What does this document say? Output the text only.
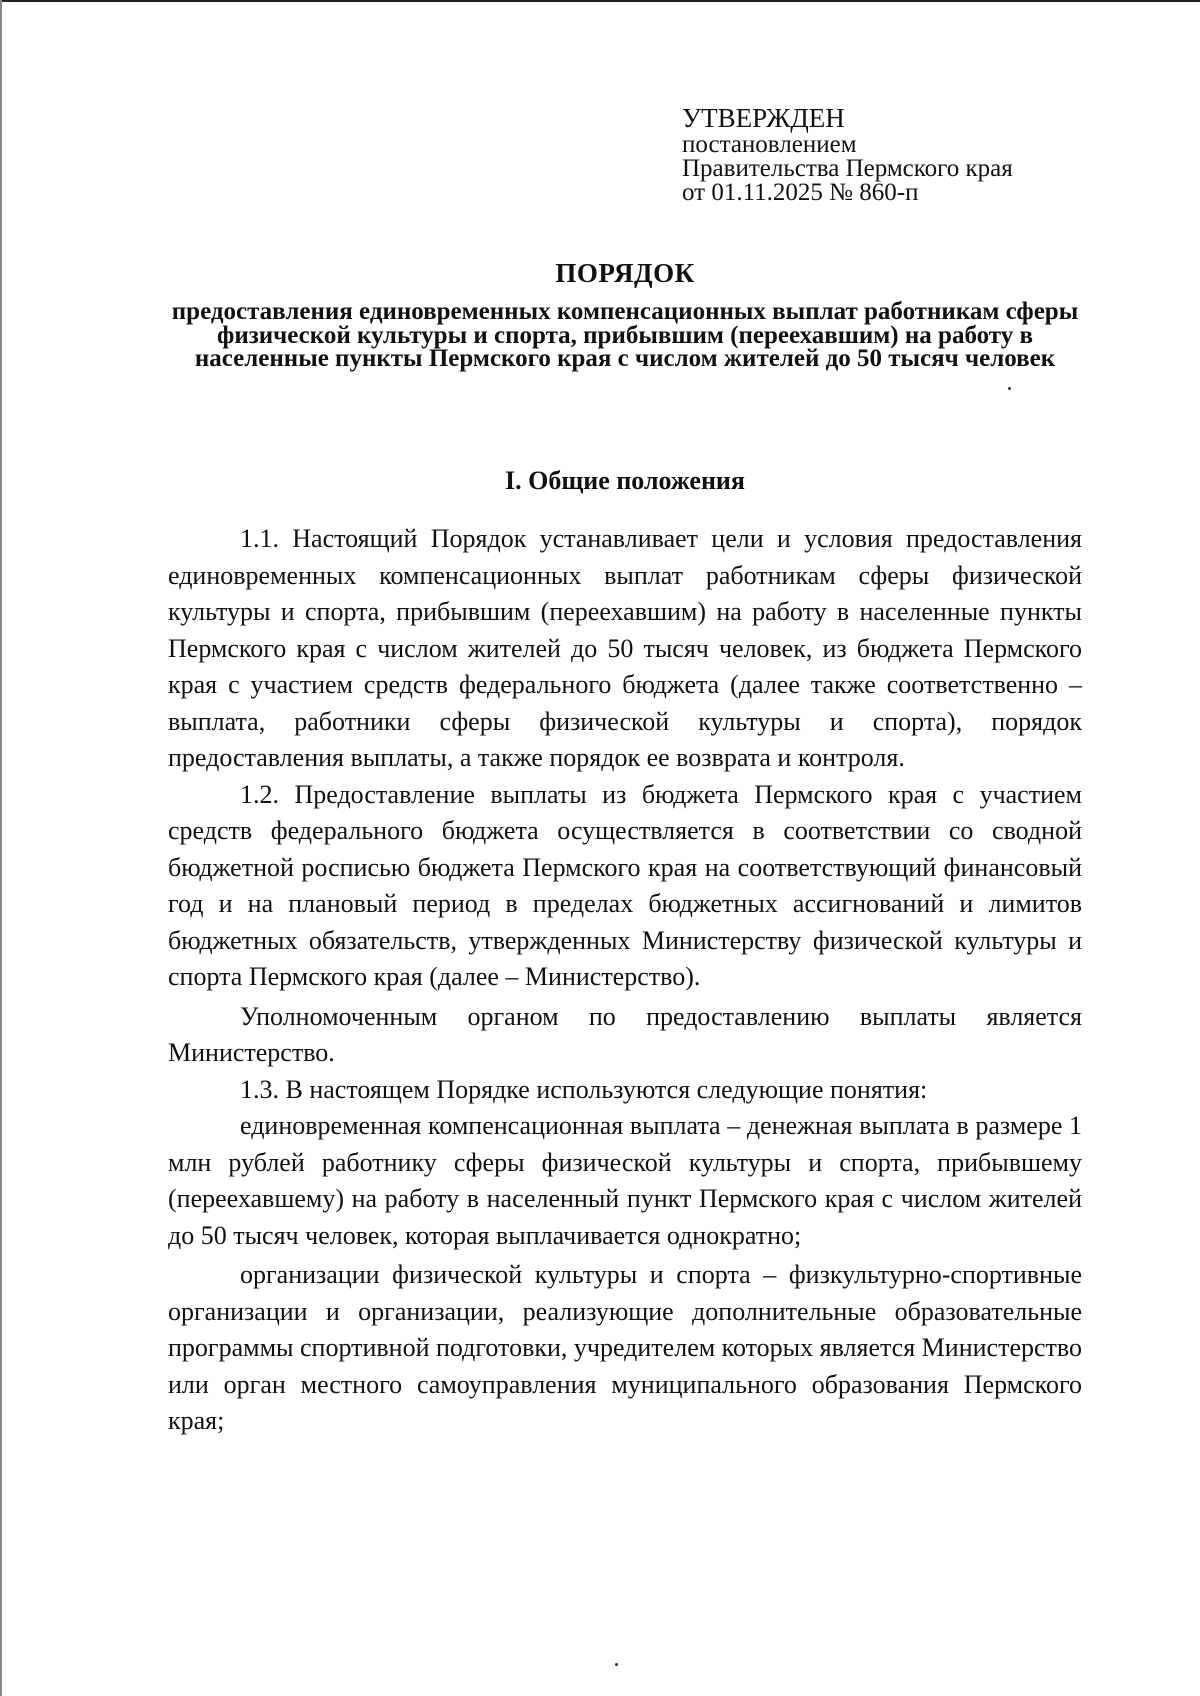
УТВЕРЖДЕН
постановлением
Правительства Пермского края
от 01.11.2025 № 860-п
ПОРЯДОК
предоставления единовременных компенсационных выплат работникам сферы физической культуры и спорта, прибывшим (переехавшим) на работу в населенные пункты Пермского края с числом жителей до 50 тысяч человек
I. Общие положения

1.1. Настоящий Порядок устанавливает цели и условия предоставления единовременных компенсационных выплат работникам сферы физической культуры и спорта, прибывшим (переехавшим) на работу в населенные пункты Пермского края с числом жителей до 50 тысяч человек, из бюджета Пермского края с участием средств федерального бюджета (далее также соответственно – выплата, работники сферы физической культуры и спорта), порядок предоставления выплаты, а также порядок ее возврата и контроля.

1.2. Предоставление выплаты из бюджета Пермского края с участием средств федерального бюджета осуществляется в соответствии со сводной бюджетной росписью бюджета Пермского края на соответствующий финансовый год и на плановый период в пределах бюджетных ассигнований и лимитов бюджетных обязательств, утвержденных Министерству физической культуры и спорта Пермского края (далее – Министерство).

Уполномоченным органом по предоставлению выплаты является Министерство.

1.3. В настоящем Порядке используются следующие понятия:

единовременная компенсационная выплата – денежная выплата в размере 1 млн рублей работнику сферы физической культуры и спорта, прибывшему (переехавшему) на работу в населенный пункт Пермского края с числом жителей до 50 тысяч человек, которая выплачивается однократно;

организации физической культуры и спорта – физкультурно-спортивные организации и организации, реализующие дополнительные образовательные программы спортивной подготовки, учредителем которых является Министерство или орган местного самоуправления муниципального образования Пермского края;
